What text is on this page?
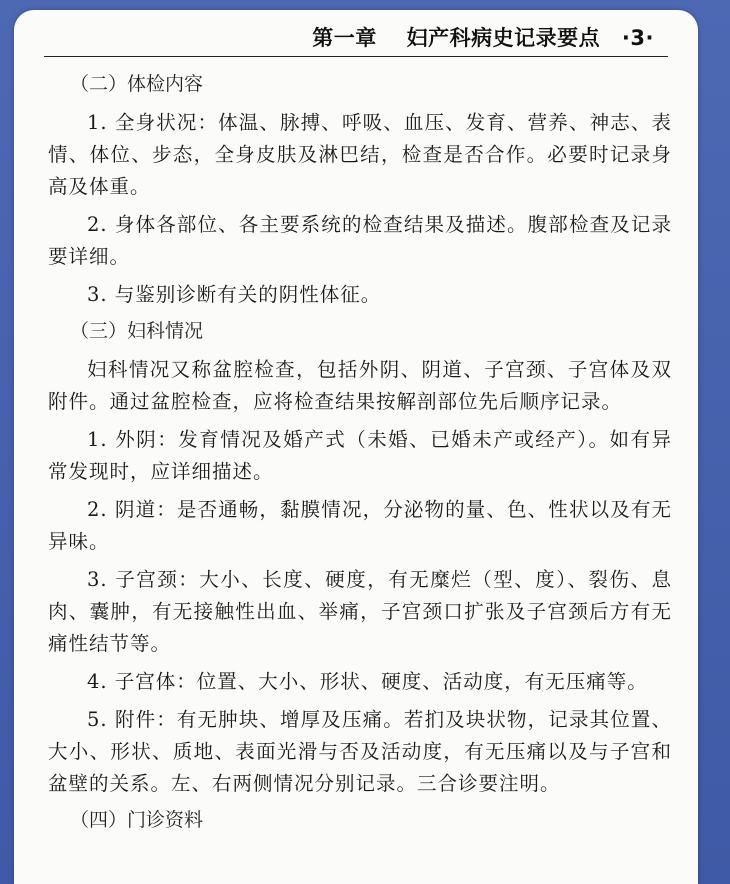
第一章 妇产科病史记录要点 ·3·
（二）体检内容

1. 全身状况：体温、脉搏、呼吸、血压、发育、营养、神志、表情、体位、步态，全身皮肤及淋巴结，检查是否合作。必要时记录身高及体重。

2. 身体各部位、各主要系统的检查结果及描述。腹部检查及记录要详细。

3. 与鉴别诊断有关的阴性体征。

（三）妇科情况

妇科情况又称盆腔检查，包括外阴、阴道、子宫颈、子宫体及双附件。通过盆腔检查，应将检查结果按解剖部位先后顺序记录。

1. 外阴：发育情况及婚产式（未婚、已婚未产或经产）。如有异常发现时，应详细描述。

2. 阴道：是否通畅，黏膜情况，分泌物的量、色、性状以及有无异味。

3. 子宫颈：大小、长度、硬度，有无糜烂（型、度）、裂伤、息肉、囊肿，有无接触性出血、举痛，子宫颈口扩张及子宫颈后方有无痛性结节等。

4. 子宫体：位置、大小、形状、硬度、活动度，有无压痛等。

5. 附件：有无肿块、增厚及压痛。若扪及块状物，记录其位置、大小、形状、质地、表面光滑与否及活动度，有无压痛以及与子宫和盆壁的关系。左、右两侧情况分别记录。三合诊要注明。

（四）门诊资料
